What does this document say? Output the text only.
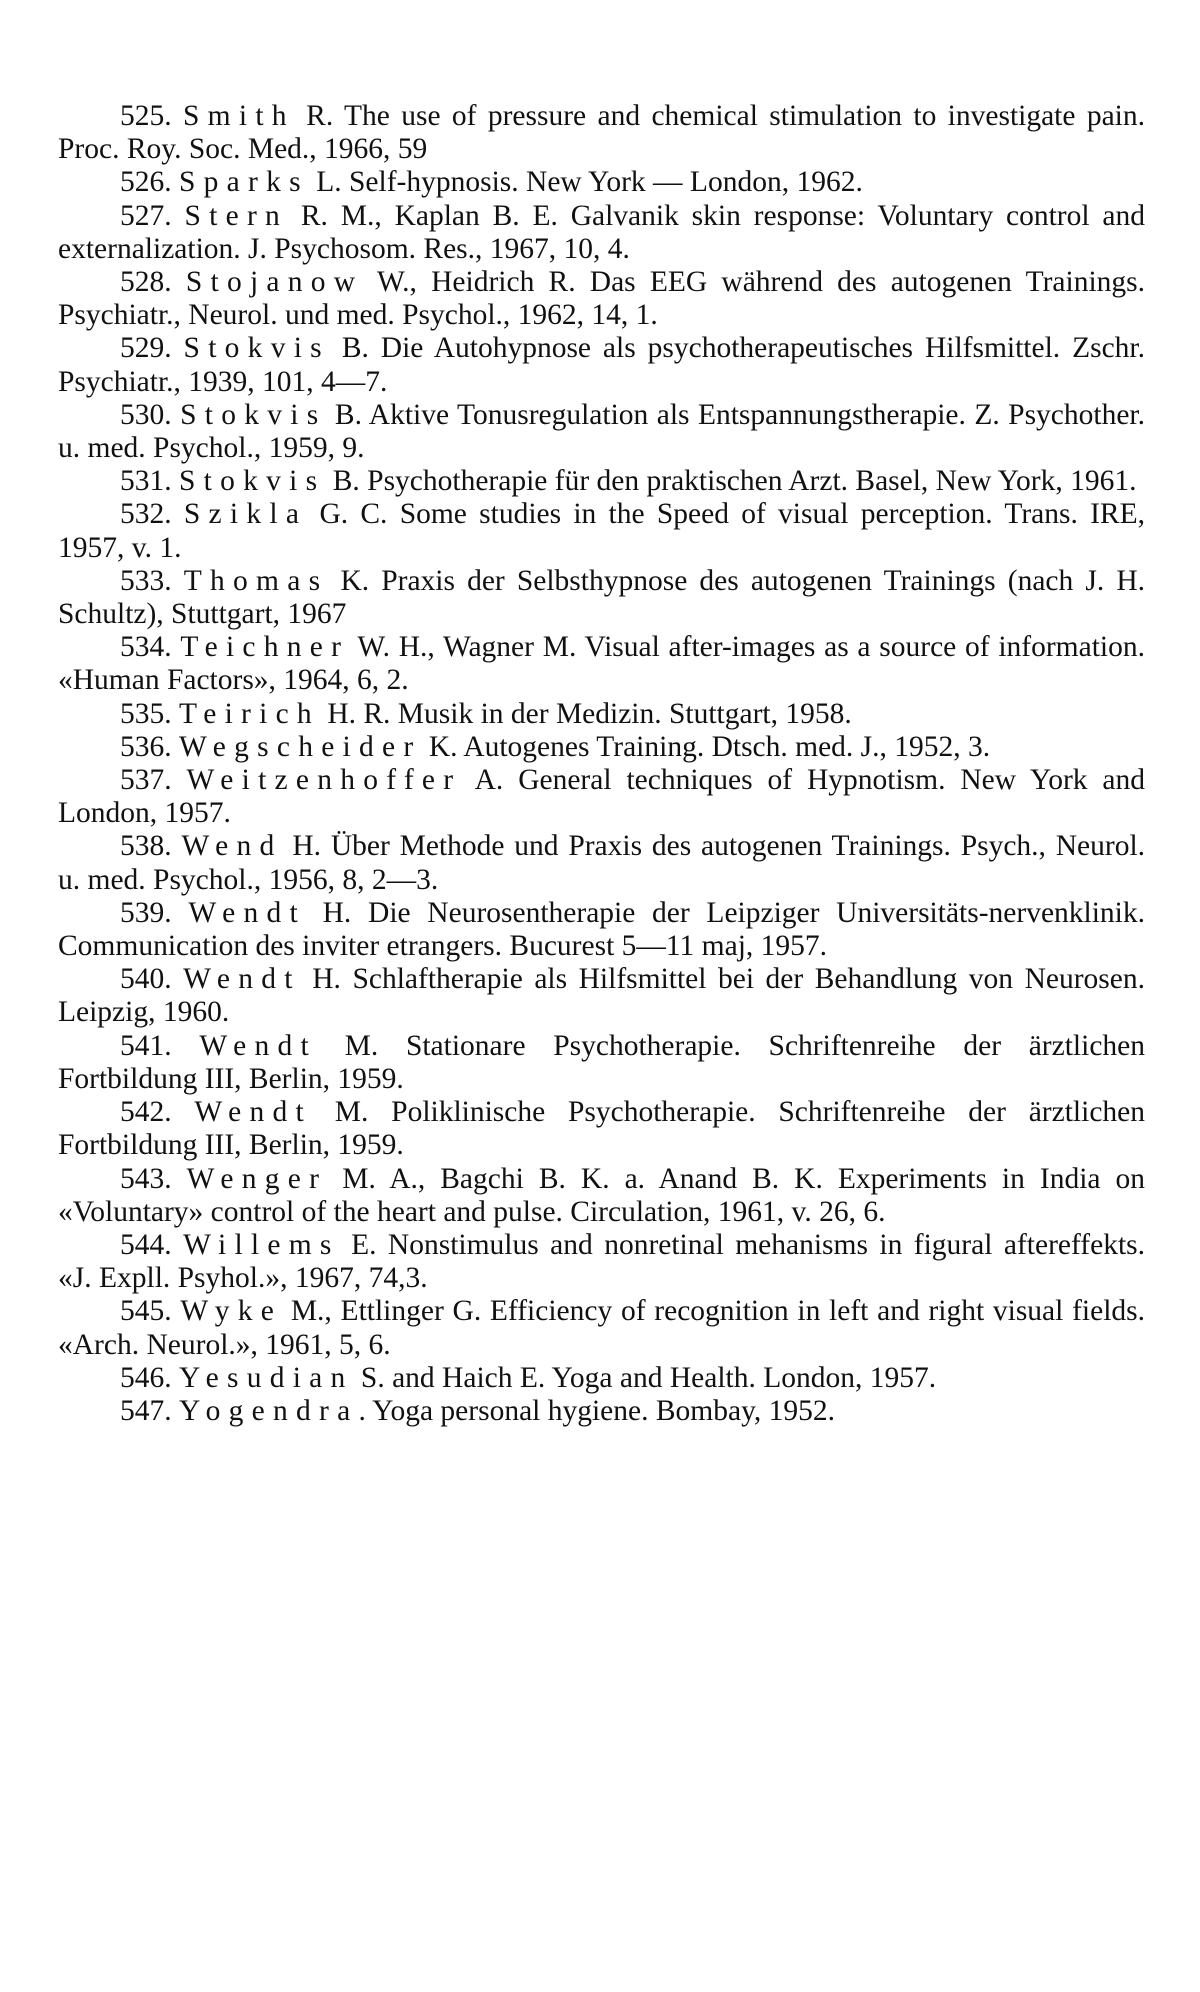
525. Smith R. The use of pressure and chemical stimulation to investigate pain. Proc. Roy. Soc. Med., 1966, 59

526. Sparks L. Self-hypnosis. New York — London, 1962.

527. Stern R. M., Kaplan B. E. Galvanik skin response: Voluntary control and externalization. J. Psychosom. Res., 1967, 10, 4.

528. Stojanow W., Heidrich R. Das EEG während des autogenen Trainings. Psychiatr., Neurol. und med. Psychol., 1962, 14, 1.

529. Stokvis B. Die Autohypnose als psychotherapeutisches Hilfsmittel. Zschr. Psychiatr., 1939, 101, 4—7.

530. Stokvis B. Aktive Tonusregulation als Entspannungstherapie. Z. Psychother. u. med. Psychol., 1959, 9.

531. Stokvis B. Psychotherapie für den praktischen Arzt. Basel, New York, 1961.

532. Szikla G. C. Some studies in the Speed of visual perception. Trans. IRE, 1957, v. 1.

533. Thomas K. Praxis der Selbsthypnose des autogenen Trainings (nach J. H. Schultz), Stuttgart, 1967

534. Teichner W. H., Wagner M. Visual after-images as a source of information. «Human Factors», 1964, 6, 2.

535. Teirich H. R. Musik in der Medizin. Stuttgart, 1958.

536. Wegscheider K. Autogenes Training. Dtsch. med. J., 1952, 3.

537. Weitzenhoffer A. General techniques of Hypnotism. New York and London, 1957.

538. Wend H. Über Methode und Praxis des autogenen Trainings. Psych., Neurol. u. med. Psychol., 1956, 8, 2—3.

539. Wendt H. Die Neurosentherapie der Leipziger Universitäts-nervenklinik. Communication des inviter etrangers. Bucurest 5—11 maj, 1957.

540. Wendt H. Schlaftherapie als Hilfsmittel bei der Behandlung von Neurosen. Leipzig, 1960.

541. Wendt M. Stationare Psychotherapie. Schriftenreihe der ärztlichen Fortbildung III, Berlin, 1959.

542. Wendt M. Poliklinische Psychotherapie. Schriftenreihe der ärztlichen Fortbildung III, Berlin, 1959.

543. Wenger M. A., Bagchi B. K. a. Anand B. K. Experiments in India on «Voluntary» control of the heart and pulse. Circulation, 1961, v. 26, 6.

544. Willems E. Nonstimulus and nonretinal mehanisms in figural aftereffekts. «J. Expll. Psyhol.», 1967, 74,3.

545. Wyke M., Ettlinger G. Efficiency of recognition in left and right visual fields. «Arch. Neurol.», 1961, 5, 6.

546. Yesudian S. and Haich E. Yoga and Health. London, 1957.

547. Yogendra. Yoga personal hygiene. Bombay, 1952.
